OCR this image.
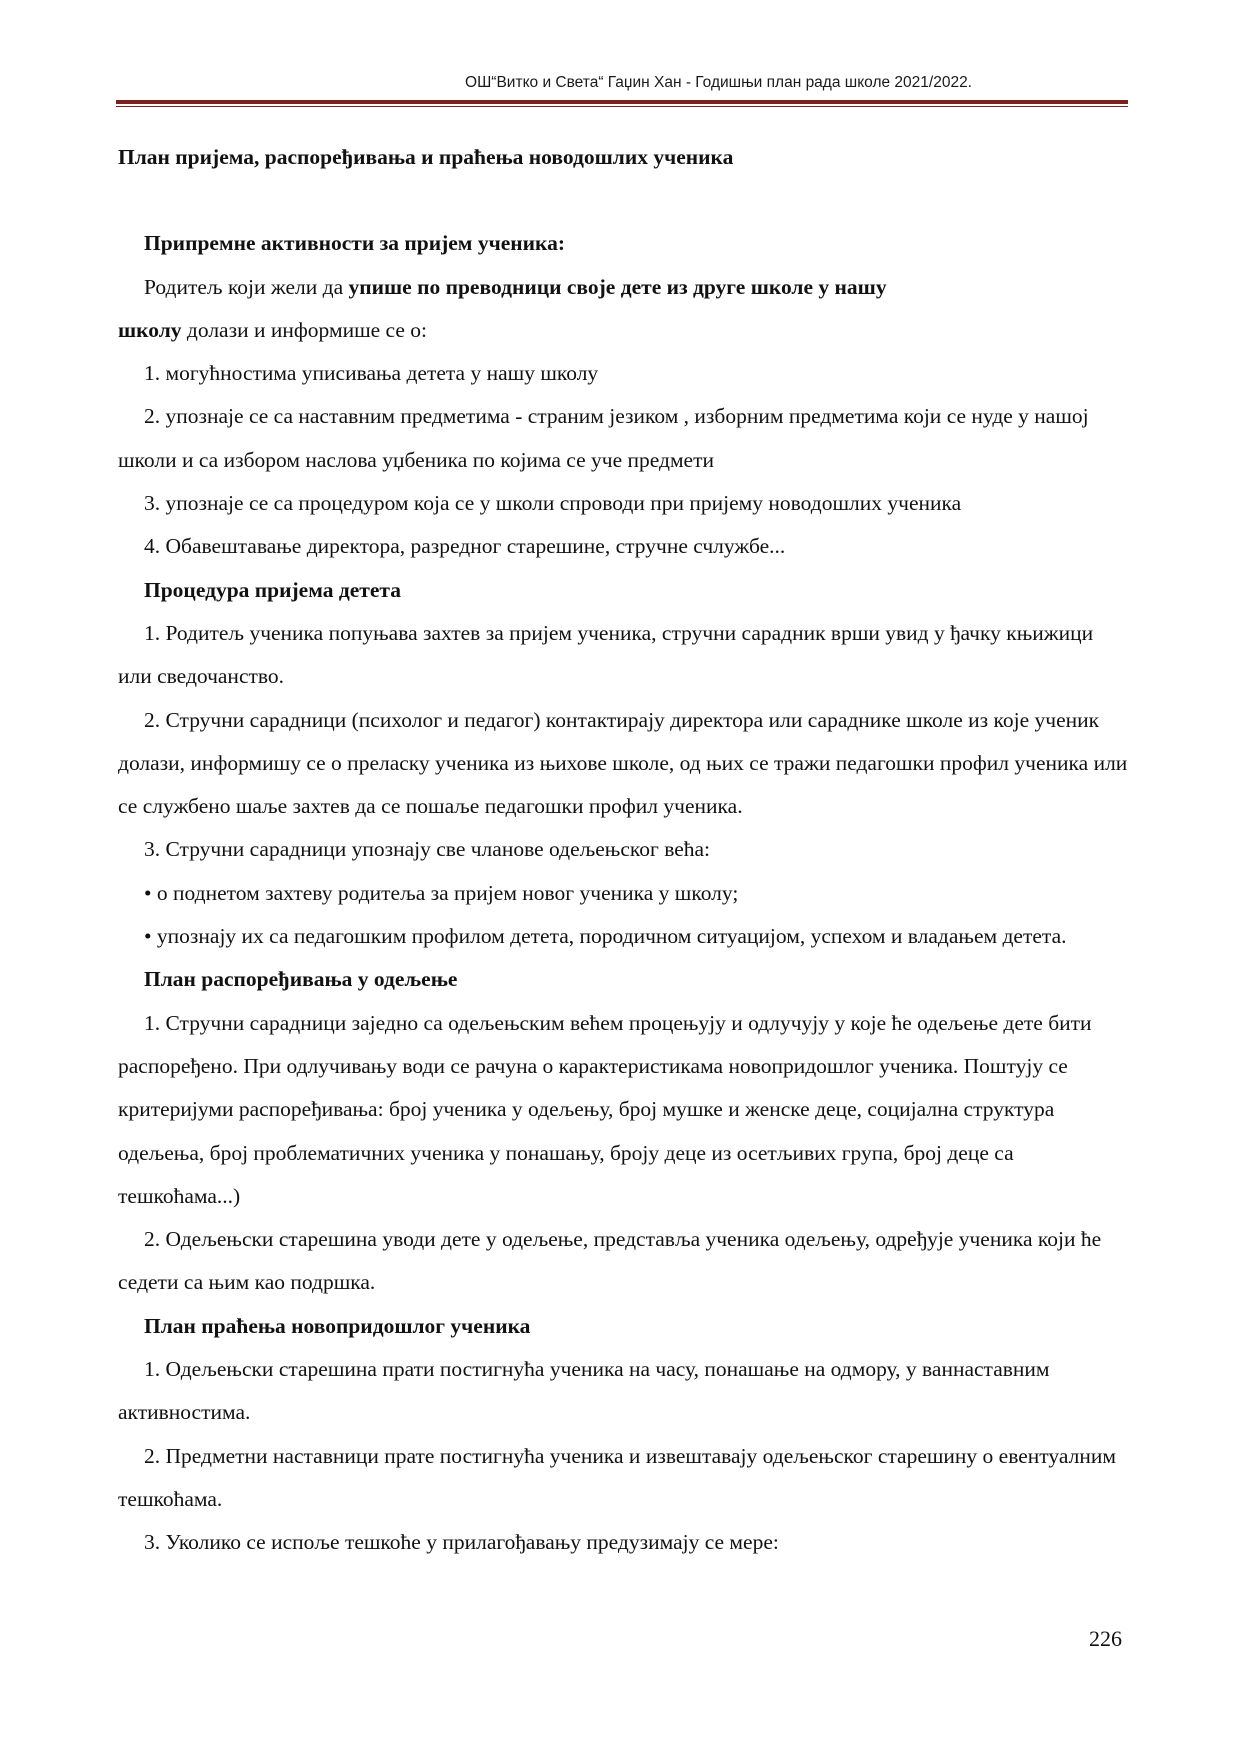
ОШ“Витко и Света“ Гаџин Хан - Годишњи план рада школе 2021/2022.

План пријема, распоређивања и праћења новодошлих ученика

Припремне активности за пријем ученика:

Родитељ који жели да упише по преводници своје дете из друге школе у нашу

школу долази и информише се о:

1. могућностима уписивања детета у нашу школу

2. упознаје се са наставним предметима - страним језиком , изборним предметима који се нуде у нашој школи и са избором наслова уџбеника по којима се уче предмети

3. упознаје се са процедуром која се у школи спроводи при пријему новодошлих ученика

4. Обавештавање директора, разредног старешине, стручне счлужбе...

Процедура пријема детета

1. Родитељ ученика попуњава захтев за пријем ученика, стручни сарадник врши увид у ђачку књижици или сведочанство.

2. Стручни сарадници (психолог и педагог) контактирају директора или сараднике школе из које ученик долази, информишу се о преласку ученика из њихове школе, од њих се тражи педагошки профил ученика или се службено шаље захтев да се пошаље педагошки профил ученика.

3. Стручни сарадници упознају све чланове одељењског већа:

• о поднетом захтеву родитеља за пријем новог ученика у школу;

• упознају их са педагошким профилом детета, породичном ситуацијом, успехом и владањем детета.

План распоређивања у одељење

1. Стручни сарадници заједно са одељењским већем процењују и одлучују у које ће одељење дете бити распоређено. При одлучивању води се рачуна о карактеристикама новопридошлог ученика. Поштују се критеријуми распоређивања: број ученика у одељењу, број мушке и женске деце, социјална структура одељења, број проблематичних ученика у понашању, броју деце из осетљивих група, број деце са тешкоћама...)

2. Одељењски старешина уводи дете у одељење, представља ученика одељењу, одређује ученика који ће седети са њим као подршка.

План праћења новопридошлог ученика

1. Одељењски старешина прати постигнућа ученика на часу, понашање на одмору, у ваннаставним активностима.

2. Предметни наставници прате постигнућа ученика и извештавају одељењског старешину о евентуалним тешкоћама.

3. Уколико се испоље тешкоће у прилагођавању предузимају се мере:

226
